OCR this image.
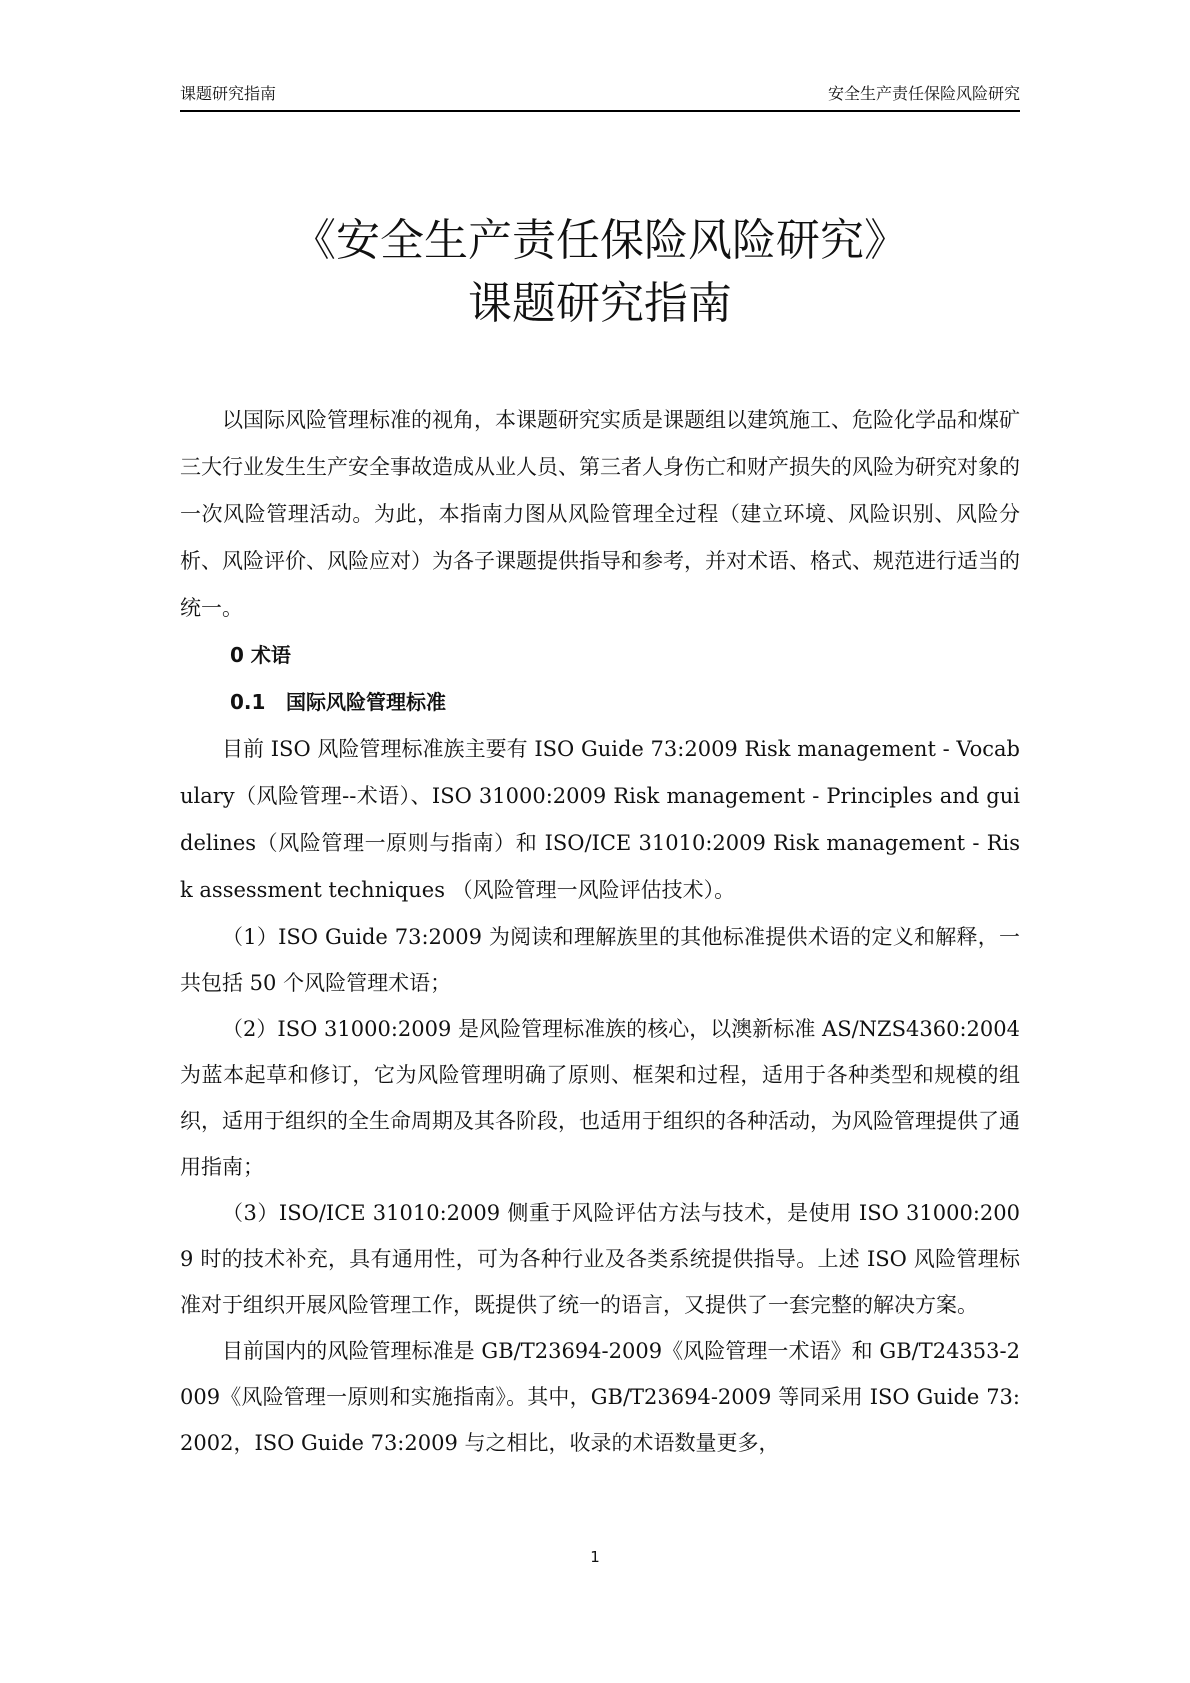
课题研究指南	安全生产责任保险风险研究
《安全生产责任保险风险研究》
课题研究指南

以国际风险管理标准的视角，本课题研究实质是课题组以建筑施工、危险化学品和煤矿三大行业发生生产安全事故造成从业人员、第三者人身伤亡和财产损失的风险为研究对象的一次风险管理活动。为此，本指南力图从风险管理全过程（建立环境、风险识别、风险分析、风险评价、风险应对）为各子课题提供指导和参考，并对术语、格式、规范进行适当的统一。

0 术语
0.1 国际风险管理标准

目前 ISO 风险管理标准族主要有 ISO Guide 73:2009 Risk management - Vocabulary（风险管理--术语）、ISO 31000:2009 Risk management - Principles and guidelines（风险管理一原则与指南）和 ISO/ICE 31010:2009 Risk management - Risk assessment techniques （风险管理一风险评估技术）。

（1）ISO Guide 73:2009 为阅读和理解族里的其他标准提供术语的定义和解释，一共包括 50 个风险管理术语；

（2）ISO 31000:2009 是风险管理标准族的核心，以澳新标准 AS/NZS4360:2004 为蓝本起草和修订，它为风险管理明确了原则、框架和过程，适用于各种类型和规模的组织，适用于组织的全生命周期及其各阶段，也适用于组织的各种活动，为风险管理提供了通用指南；

（3）ISO/ICE 31010:2009 侧重于风险评估方法与技术，是使用 ISO 31000:2009 时的技术补充，具有通用性，可为各种行业及各类系统提供指导。上述 ISO 风险管理标准对于组织开展风险管理工作，既提供了统一的语言，又提供了一套完整的解决方案。

目前国内的风险管理标准是 GB/T23694-2009《风险管理一术语》和 GB/T24353-2009《风险管理一原则和实施指南》。其中，GB/T23694-2009 等同采用 ISO Guide 73:2002，ISO Guide 73:2009 与之相比，收录的术语数量更多，

1
